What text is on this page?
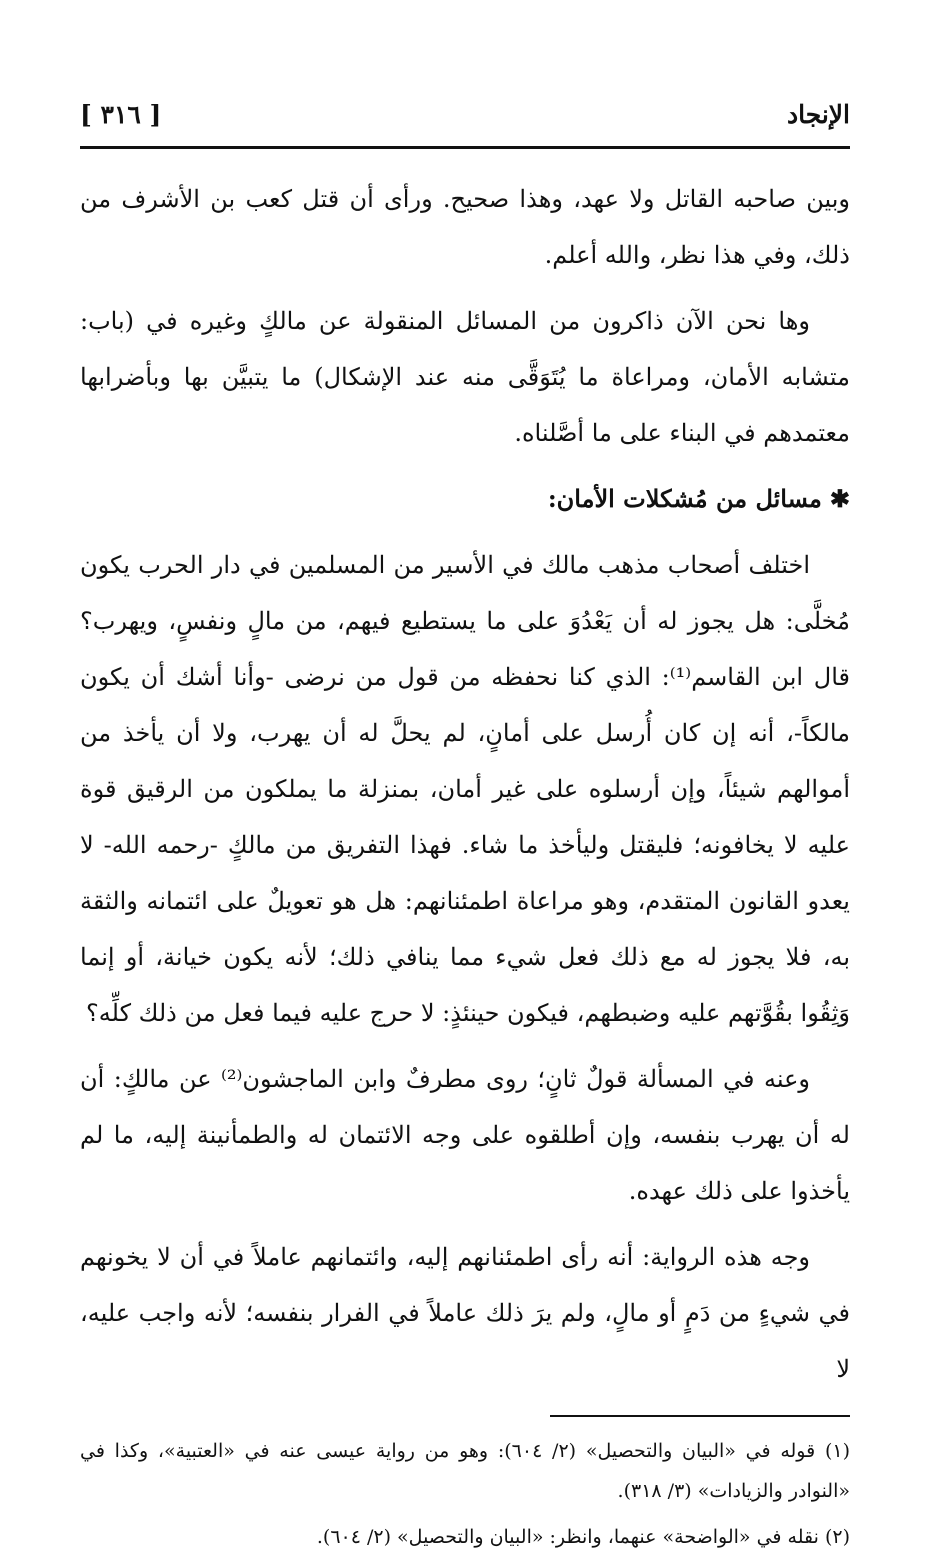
الإنجاد
[ ٣١٦ ]

وبين صاحبه القاتل ولا عهد، وهذا صحيح. ورأى أن قتل كعب بن الأشرف من ذلك، وفي هذا نظر، والله أعلم.

وها نحن الآن ذاكرون من المسائل المنقولة عن مالكٍ وغيره في (باب: متشابه الأمان، ومراعاة ما يُتَوَقَّى منه عند الإشكال) ما يتبيَّن بها وبأضرابها معتمدهم في البناء على ما أصَّلناه.

✱مسائل من مُشكلات الأمان:

اختلف أصحاب مذهب مالك في الأسير من المسلمين في دار الحرب يكون مُخلَّى: هل يجوز له أن يَعْدُوَ على ما يستطيع فيهم، من مالٍ ونفسٍ، ويهرب؟ قال ابن القاسم⁽¹⁾: الذي كنا نحفظه من قول من نرضى -وأنا أشك أن يكون مالكاً-، أنه إن كان أُرسل على أمانٍ، لم يحلَّ له أن يهرب، ولا أن يأخذ من أموالهم شيئاً، وإن أرسلوه على غير أمان، بمنزلة ما يملكون من الرقيق قوة عليه لا يخافونه؛ فليقتل وليأخذ ما شاء. فهذا التفريق من مالكٍ -رحمه الله- لا يعدو القانون المتقدم، وهو مراعاة اطمئنانهم: هل هو تعويلٌ على ائتمانه والثقة به، فلا يجوز له مع ذلك فعل شيء مما ينافي ذلك؛ لأنه يكون خيانة، أو إنما وَثِقُوا بقُوَّتهم عليه وضبطهم، فيكون حينئذٍ: لا حرج عليه فيما فعل من ذلك كلِّه؟

وعنه في المسألة قولٌ ثانٍ؛ روى مطرفٌ وابن الماجشون⁽²⁾ عن مالكٍ: أن له أن يهرب بنفسه، وإن أطلقوه على وجه الائتمان له والطمأنينة إليه، ما لم يأخذوا على ذلك عهده.

وجه هذه الرواية: أنه رأى اطمئنانهم إليه، وائتمانهم عاملاً في أن لا يخونهم في شيءٍ من دَمٍ أو مالٍ، ولم يرَ ذلك عاملاً في الفرار بنفسه؛ لأنه واجب عليه، لا

(١) قوله في «البيان والتحصيل» (٢/ ٦٠٤): وهو من رواية عيسى عنه في «العتبية»، وكذا في «النوادر والزيادات» (٣/ ٣١٨).

(٢) نقله في «الواضحة» عنهما، وانظر: «البيان والتحصيل» (٢/ ٦٠٤).
